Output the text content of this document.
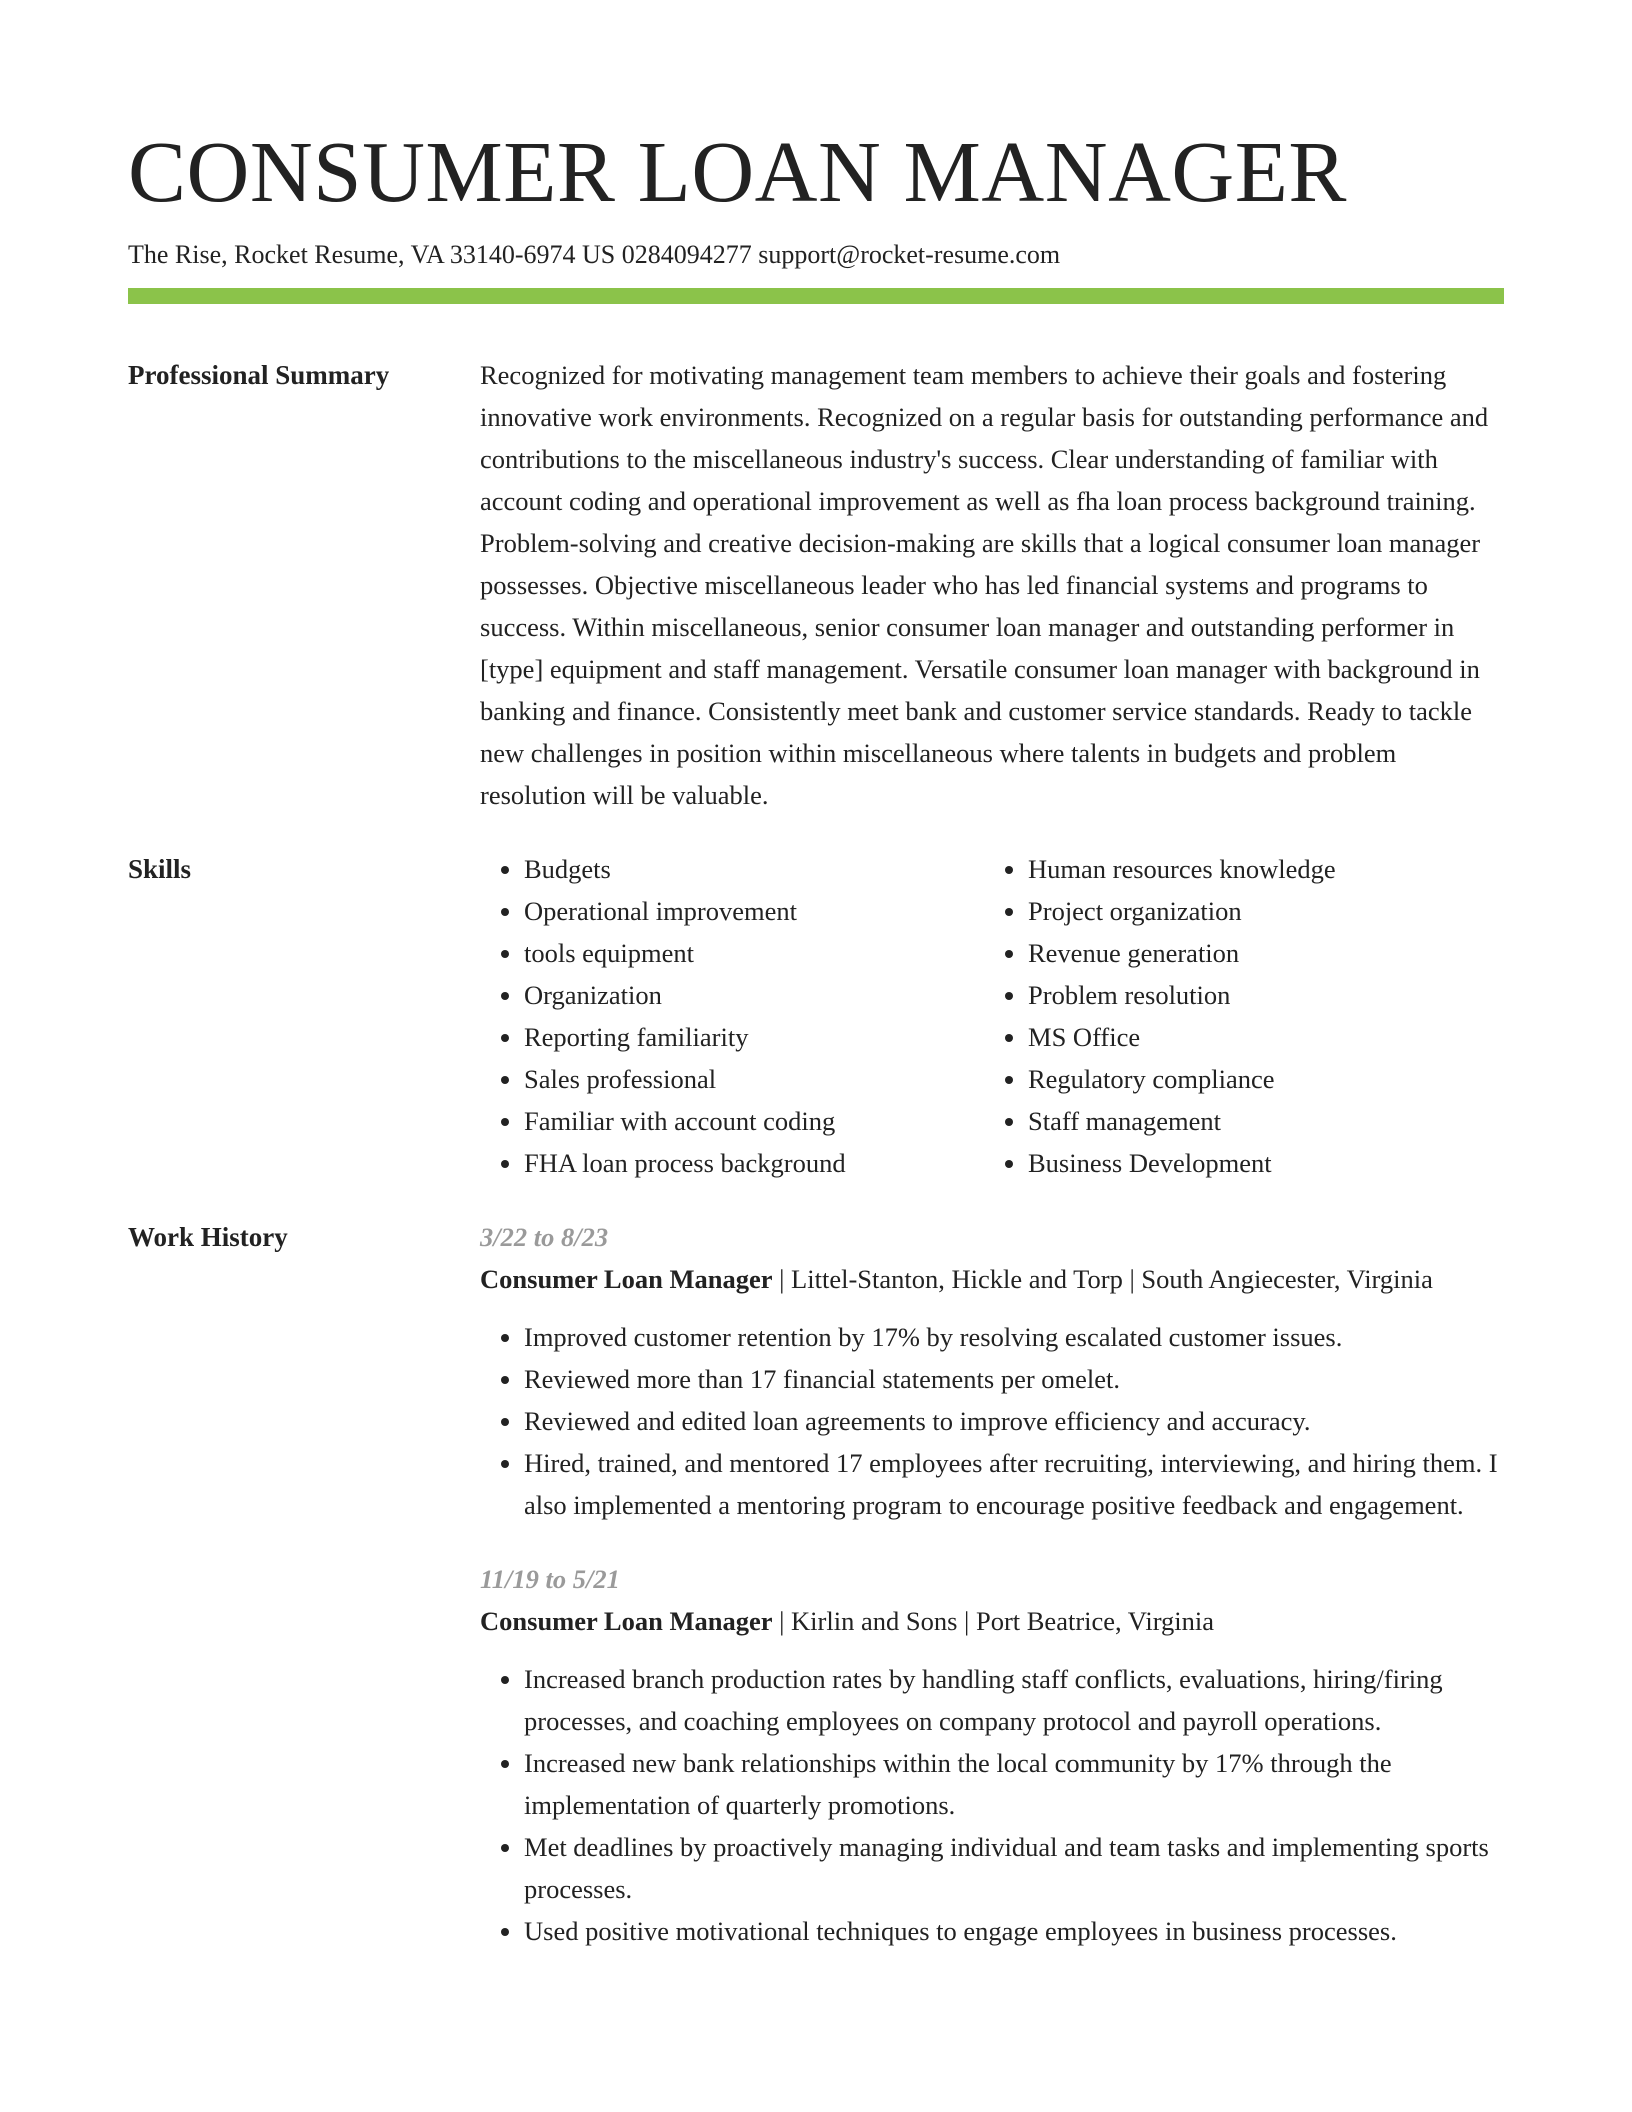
CONSUMER LOAN MANAGER
The Rise, Rocket Resume, VA 33140-6974 US 0284094277 support@rocket-resume.com
Professional Summary	Recognized for motivating management team members to achieve their goals and fostering innovative work environments. Recognized on a regular basis for outstanding performance and contributions to the miscellaneous industry's success. Clear understanding of familiar with account coding and operational improvement as well as fha loan process background training. Problem-solving and creative decision-making are skills that a logical consumer loan manager possesses. Objective miscellaneous leader who has led financial systems and programs to success. Within miscellaneous, senior consumer loan manager and outstanding performer in [type] equipment and staff management. Versatile consumer loan manager with background in banking and finance. Consistently meet bank and customer service standards. Ready to tackle new challenges in position within miscellaneous where talents in budgets and problem resolution will be valuable.

Skills
•	Budgets
• Operational improvement
• tools equipment
• Organization
• Reporting familiarity
• Sales professional
• Familiar with account coding
• FHA loan process background
• Human resources knowledge
• Project organization
• Revenue generation
• Problem resolution
• MS Office
• Regulatory compliance
• Staff management
• Business Development
Work History	3/22 to 8/23
Consumer Loan Manager | Littel-Stanton, Hickle and Torp | South Angiecester, Virginia
• Improved customer retention by 17% by resolving escalated customer issues.
• Reviewed more than 17 financial statements per omelet.
• Reviewed and edited loan agreements to improve efficiency and accuracy.
• Hired, trained, and mentored 17 employees after recruiting, interviewing, and hiring them. I also implemented a mentoring program to encourage positive feedback and engagement.
11/19 to 5/21
Consumer Loan Manager | Kirlin and Sons | Port Beatrice, Virginia
• Increased branch production rates by handling staff conflicts, evaluations, hiring/firing processes, and coaching employees on company protocol and payroll operations.
• Increased new bank relationships within the local community by 17% through the implementation of quarterly promotions.
• Met deadlines by proactively managing individual and team tasks and implementing sports processes.
• Used positive motivational techniques to engage employees in business processes.
